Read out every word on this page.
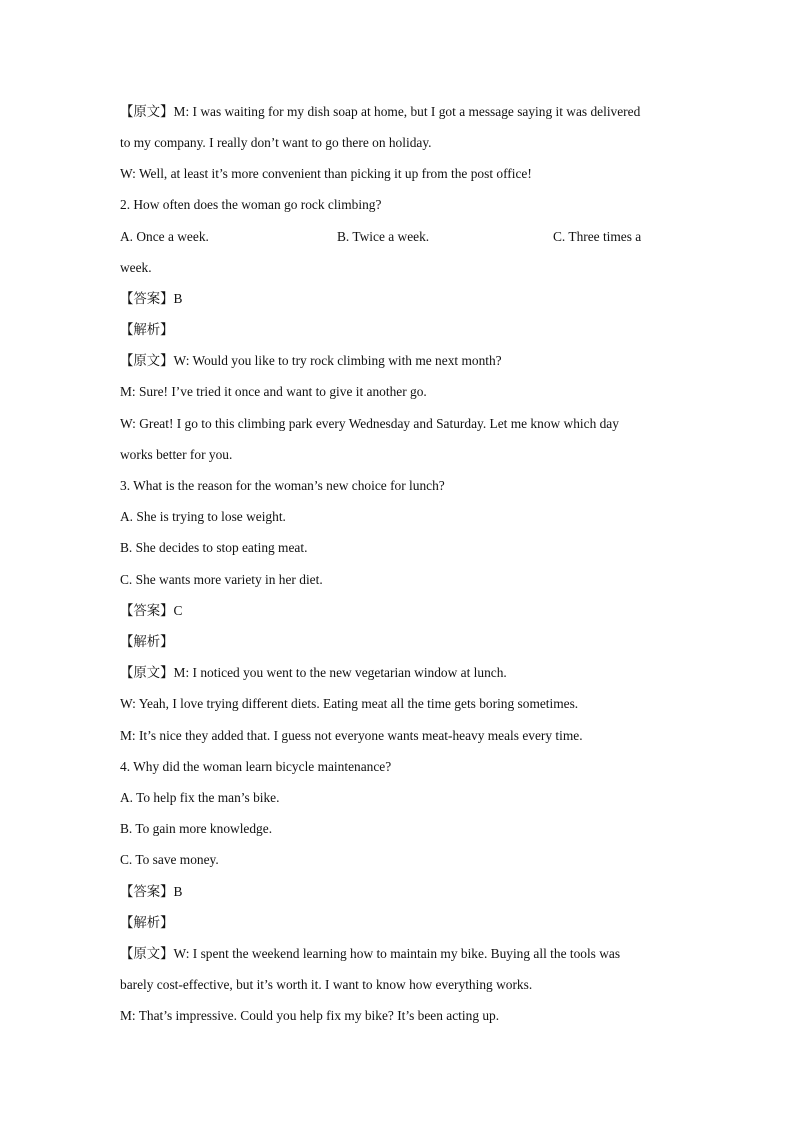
【原文】M: I was waiting for my dish soap at home, but I got a message saying it was delivered
to my company. I really don’t want to go there on holiday.
W: Well, at least it’s more convenient than picking it up from the post office!
2. How often does the woman go rock climbing?
A. Once a week.	B. Twice a week.	C. Three times a
week.
【答案】B
【解析】
【原文】W: Would you like to try rock climbing with me next month?
M: Sure! I’ve tried it once and want to give it another go.
W: Great! I go to this climbing park every Wednesday and Saturday. Let me know which day
works better for you.
3. What is the reason for the woman’s new choice for lunch?
A. She is trying to lose weight.
B. She decides to stop eating meat.
C. She wants more variety in her diet.
【答案】C
【解析】
【原文】M: I noticed you went to the new vegetarian window at lunch.
W: Yeah, I love trying different diets. Eating meat all the time gets boring sometimes.
M: It’s nice they added that. I guess not everyone wants meat-heavy meals every time.
4. Why did the woman learn bicycle maintenance?
A. To help fix the man’s bike.
B. To gain more knowledge.
C. To save money.
【答案】B
【解析】
【原文】W: I spent the weekend learning how to maintain my bike. Buying all the tools was
barely cost-effective, but it’s worth it. I want to know how everything works.
M: That’s impressive. Could you help fix my bike? It’s been acting up.
